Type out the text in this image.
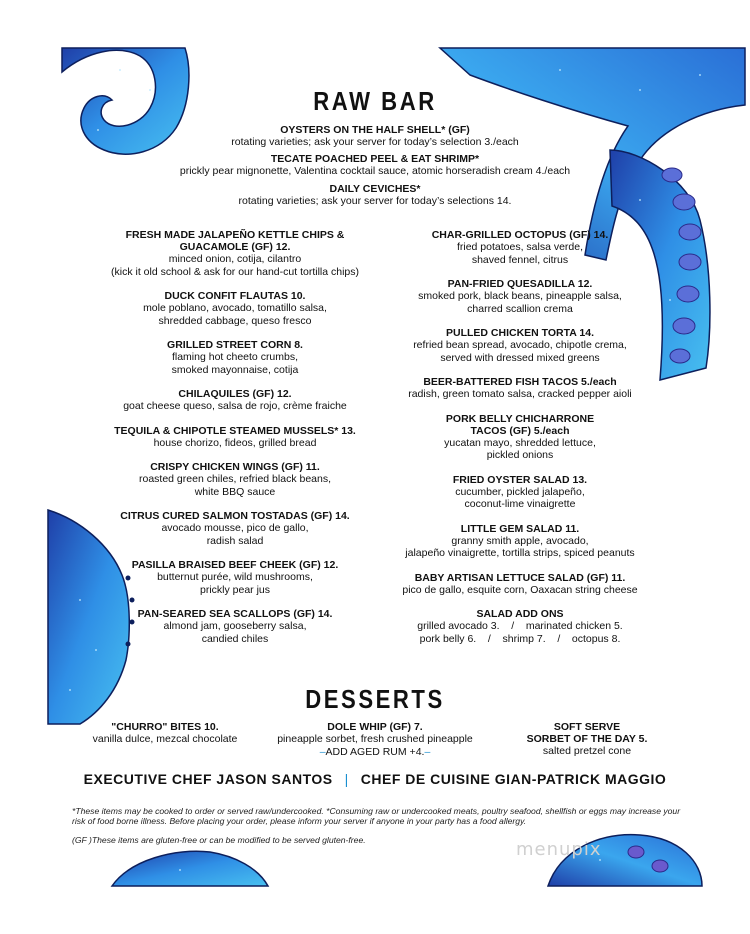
RAW BAR
OYSTERS ON THE HALF SHELL* (GF)
rotating varieties; ask your server for today’s selection 3./each
TECATE POACHED PEEL & EAT SHRIMP*
prickly pear mignonette, Valentina cocktail sauce, atomic horseradish cream 4./each
DAILY CEVICHES*
rotating varieties; ask your server for today’s selections 14.
FRESH MADE JALAPEÑO KETTLE CHIPS &
GUACAMOLE (GF) 12.
minced onion, cotija, cilantro
(kick it old school & ask for our hand-cut tortilla chips)
DUCK CONFIT FLAUTAS 10.
mole poblano, avocado, tomatillo salsa,
shredded cabbage, queso fresco
GRILLED STREET CORN 8.
flaming hot cheeto crumbs,
smoked mayonnaise, cotija
CHILAQUILES (GF) 12.
goat cheese queso, salsa de rojo, crème fraiche
TEQUILA & CHIPOTLE STEAMED MUSSELS* 13.
house chorizo, fideos, grilled bread
CRISPY CHICKEN WINGS (GF) 11.
roasted green chiles, refried black beans,
white BBQ sauce
CITRUS CURED SALMON TOSTADAS (GF) 14.
avocado mousse, pico de gallo,
radish salad
PASILLA BRAISED BEEF CHEEK (GF) 12.
butternut purée, wild mushrooms,
prickly pear jus
PAN-SEARED SEA SCALLOPS (GF) 14.
almond jam, gooseberry salsa,
candied chiles
CHAR-GRILLED OCTOPUS (GF) 14.
fried potatoes, salsa verde,
shaved fennel, citrus
PAN-FRIED QUESADILLA 12.
smoked pork, black beans, pineapple salsa,
charred scallion crema
PULLED CHICKEN TORTA 14.
refried bean spread, avocado, chipotle crema,
served with dressed mixed greens
BEER-BATTERED FISH TACOS 5./each
radish, green tomato salsa, cracked pepper aioli
PORK BELLY CHICHARRONE
TACOS (GF) 5./each
yucatan mayo, shredded lettuce,
pickled onions
FRIED OYSTER SALAD 13.
cucumber, pickled jalapeño,
coconut-lime vinaigrette
LITTLE GEM SALAD 11.
granny smith apple, avocado,
jalapeño vinaigrette, tortilla strips, spiced peanuts
BABY ARTISAN LETTUCE SALAD (GF) 11.
pico de gallo, esquite corn, Oaxacan string cheese
SALAD ADD ONS
grilled avocado 3.    /    marinated chicken 5.
pork belly 6.    /    shrimp 7.    /    octopus 8.
DESSERTS
"CHURRO" BITES 10.
vanilla dulce, mezcal chocolate
DOLE WHIP (GF) 7.
pineapple sorbet, fresh crushed pineapple
–ADD AGED RUM +4.–
SOFT SERVE
SORBET OF THE DAY 5.
salted pretzel cone
EXECUTIVE CHEF JASON SANTOS | CHEF DE CUISINE GIAN-PATRICK MAGGIO
*These items may be cooked to order or served raw/undercooked. *Consuming raw or undercooked meats, poultry seafood, shellfish or eggs may increase your risk of food borne illness. Before placing your order, please inform your server if anyone in your party has a food allergy.
(GF )These items are gluten-free or can be modified to be served gluten-free.	menupix
